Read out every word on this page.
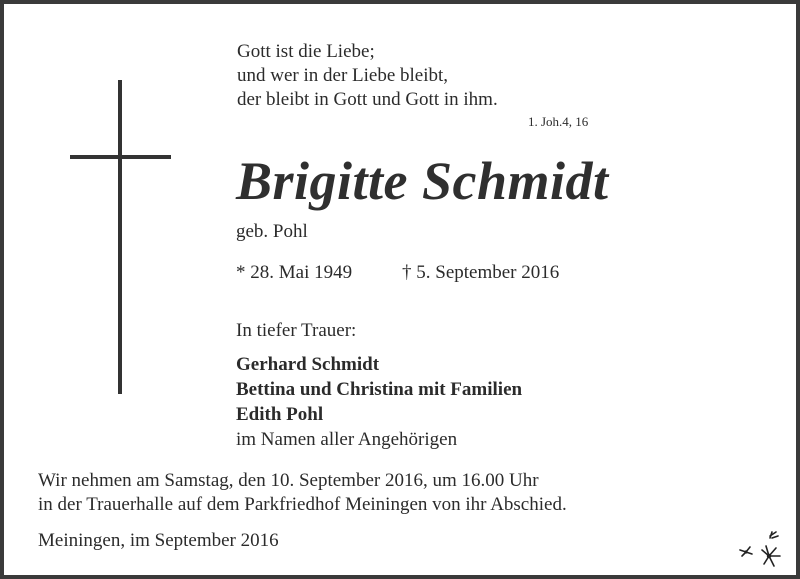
Gott ist die Liebe;

und wer in der Liebe bleibt,

der bleibt in Gott und Gott in ihm.

1. Joh.4, 16

Brigitte Schmidt

geb. Pohl

* 28. Mai 1949	† 5. September 2016

In tiefer Trauer:

Gerhard Schmidt

Bettina und Christina mit Familien

Edith Pohl

im Namen aller Angehörigen

Wir nehmen am Samstag, den 10. September 2016, um 16.00 Uhr

in der Trauerhalle auf dem Parkfriedhof Meiningen von ihr Abschied.

Meiningen, im September 2016
